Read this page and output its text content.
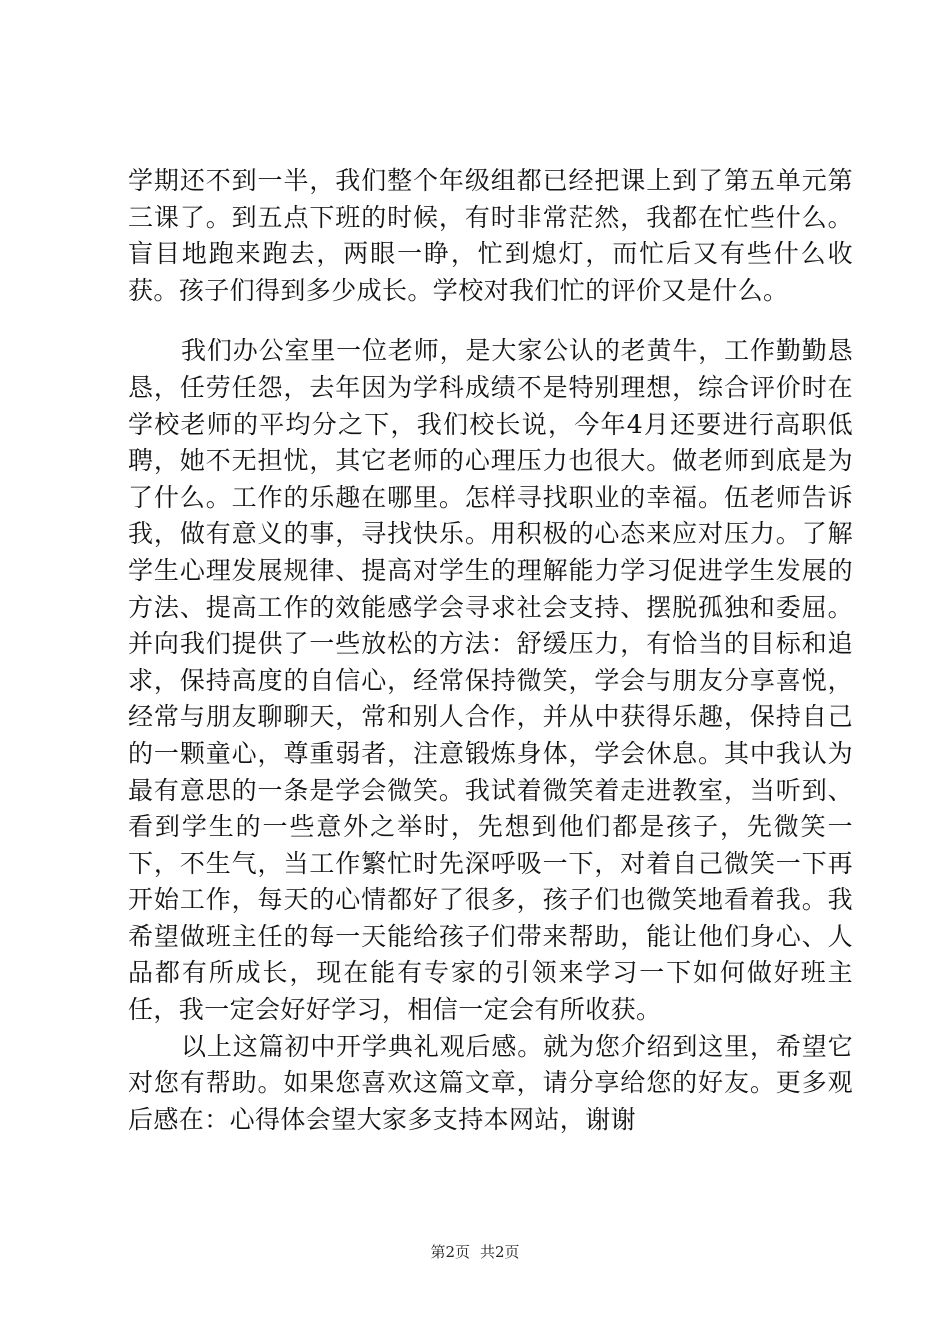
学期还不到一半，我们整个年级组都已经把课上到了第五单元第三课了。到五点下班的时候，有时非常茫然，我都在忙些什么。盲目地跑来跑去，两眼一睁，忙到熄灯，而忙后又有些什么收获。孩子们得到多少成长。学校对我们忙的评价又是什么。

我们办公室里一位老师，是大家公认的老黄牛，工作勤勤恳恳，任劳任怨，去年因为学科成绩不是特别理想，综合评价时在学校老师的平均分之下，我们校长说，今年4月还要进行高职低聘，她不无担忧，其它老师的心理压力也很大。做老师到底是为了什么。工作的乐趣在哪里。怎样寻找职业的幸福。伍老师告诉我，做有意义的事，寻找快乐。用积极的心态来应对压力。了解学生心理发展规律、提高对学生的理解能力学习促进学生发展的方法、提高工作的效能感学会寻求社会支持、摆脱孤独和委屈。并向我们提供了一些放松的方法：舒缓压力，有恰当的目标和追求，保持高度的自信心，经常保持微笑，学会与朋友分享喜悦，经常与朋友聊聊天，常和别人合作，并从中获得乐趣，保持自己的一颗童心，尊重弱者，注意锻炼身体，学会休息。其中我认为最有意思的一条是学会微笑。我试着微笑着走进教室，当听到、看到学生的一些意外之举时，先想到他们都是孩子，先微笑一下，不生气，当工作繁忙时先深呼吸一下，对着自己微笑一下再开始工作，每天的心情都好了很多，孩子们也微笑地看着我。我希望做班主任的每一天能给孩子们带来帮助，能让他们身心、人品都有所成长，现在能有专家的引领来学习一下如何做好班主任，我一定会好好学习，相信一定会有所收获。

以上这篇初中开学典礼观后感。就为您介绍到这里，希望它对您有帮助。如果您喜欢这篇文章，请分享给您的好友。更多观后感在：心得体会望大家多支持本网站，谢谢

第2页 共2页
